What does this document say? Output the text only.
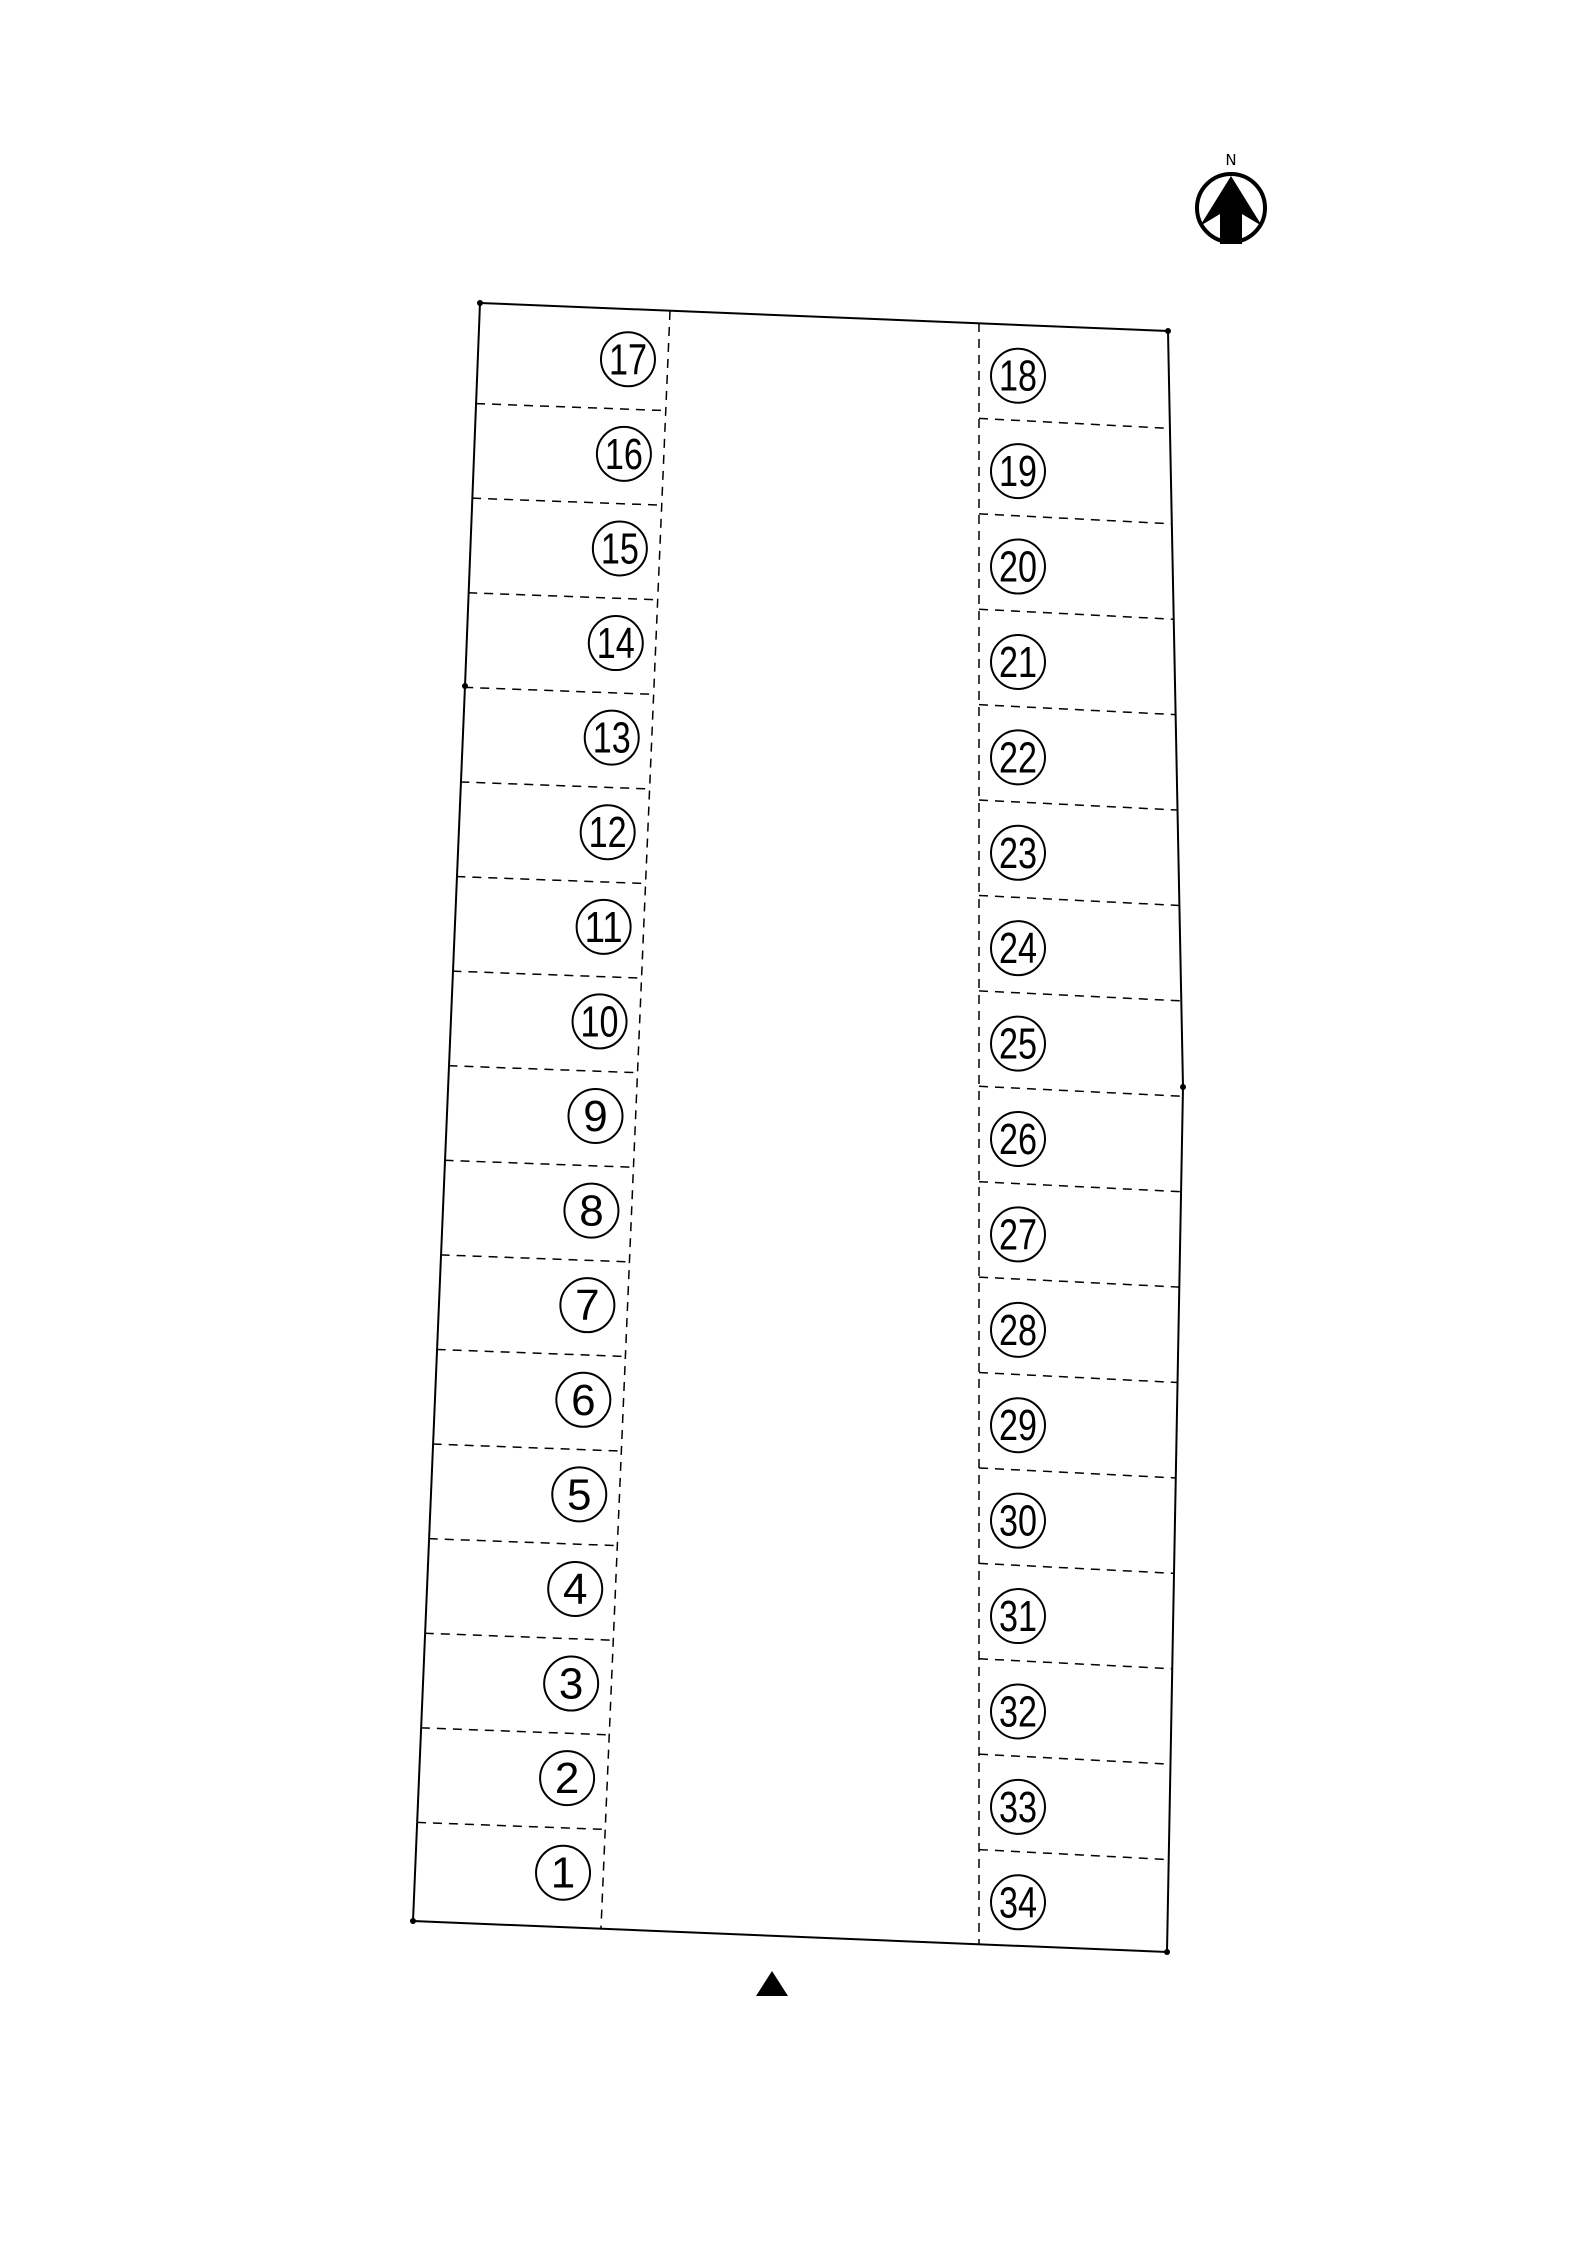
17
16
15
14
13
12
11
10
9
8
7
6
5
4
3
2
1
18
19
20
21
22
23
24
25
26
27
28
29
30
31
32
33
34
N
